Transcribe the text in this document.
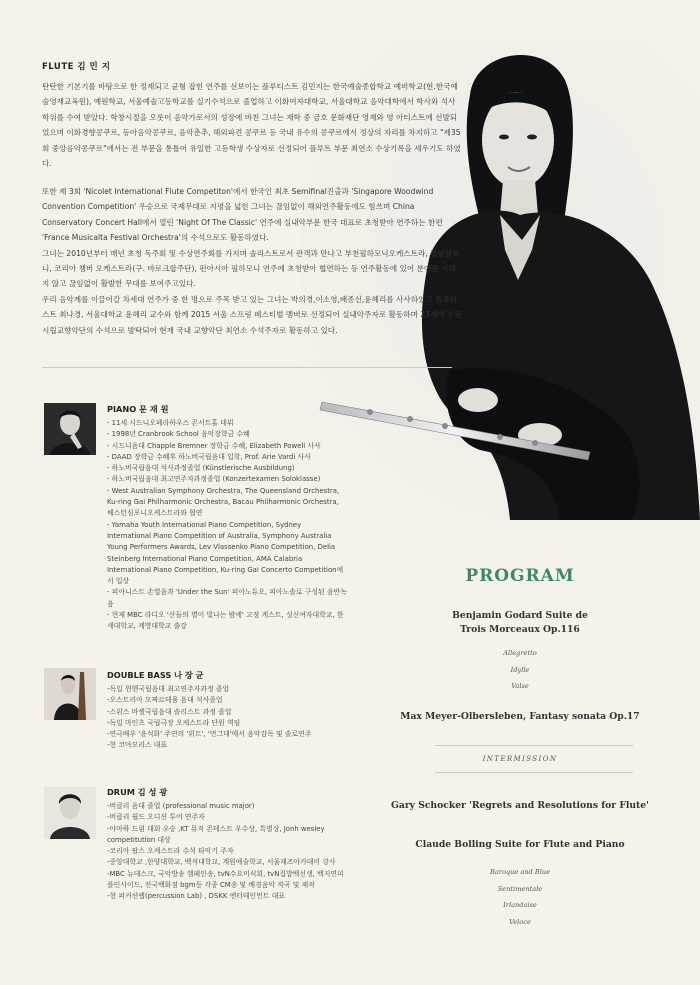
FLUTE 김 민 지

탄탄한 기본기를 바탕으로 한 정제되고 균형 잡힌 연주를 선보이는 플루티스트 김민지는 한국예술종합학교 예비학교(현.한국예술영재교육원), 예원학교, 서울예술고등학교를 실기수석으로 졸업하고 이화여자대학교, 서울대학교 음악대학에서 학사와 석사학위를 수여 받았다. 학창시절을 오롯이 음악가로서의 성장에 바친 그녀는 재학 중 금호 문화재단 영재와 영 아티스트에 선발되었으며 이화경향콩쿠르, 동아음악콩쿠르, 음악춘추, 해외파견 콩쿠르 등 국내 유수의 콩쿠르에서 정상의 자리를 차지하고 "제35회 중앙음악콩쿠르"에서는 전 부문을 통틀어 유일한 고등학생 수상자로 선정되어 플루트 부문 최연소 수상기록을 세우기도 하였다.

또한 제 3회 'Nicolet International Flute Competiton'에서 한국인 최초 Semifinal진출과 'Singapore Woodwind Convention Competition' 우승으로 국제무대로 지평을 넓힌 그녀는 끊임없이 해외연주활동에도 힘쓰며 China Conservatory Concert Hall에서 열린 'Night Of The Classic' 연주에 실내악부문 한국 대표로 초청받아 연주하는 한편 'France Musicalta Festival Orchestra'의 수석으로도 활동하였다.

그녀는 2010년부터 매년 초청 독주회 및 수상연주회를 가지며 솔리스트로서 관객과 만나고 부천필하모닉오케스트라, 강남심포니, 코리아 챔버 오케스트라(구. 바로크합주단), 펀아시아 필하모니 연주에 초청받아 협연하는 등 연주활동에 있어 분야를 가리지 않고 끊임없이 활발한 무대를 보여주고있다.

우리 음악계를 이끌어갈 차세대 연주가 중 한 명으로 주목 받고 있는 그녀는 박의경,이소영,배종선,윤혜리를 사사하였고 플루티스트 최나경, 서울대학교 윤혜리 교수와 함께 2015 서울 스프링 페스티벌 멤버로 선정되어 실내악주자로 활동하며 23세에 수원시립교향악단의 수석으로 발탁되어 현재 국내 교향악단 최연소 수석주자로 활동하고 있다.

PIANO 문 재 원
- 11세 시드니오페라하우스 콘서트홀 데뷔
- 1998년 Cranbrook School 음악장학금 수혜
- 시드니음대 Chapple Bremner 장학금 수혜, Elizabeth Powell 사사
- DAAD 장학금 수혜후 하노버국립음대 입학, Prof. Arie Vardi 사사
- 하노버국립음대 석사과정졸업 (Künstlerische Ausbildung)
- 하노버국립음대 최고연주자과정졸업 (Konzertexamen Soloklasse)
- West Australian Symphony Orchestra, The Queensland Orchestra, Ku-ring Gai Philharmonic Orchestra, Bacau Philharmonic Orchestra, 헤스턴심포니오케스트라와 협연
- Yamaha Youth International Piano Competition, Sydney International Piano Competition of Australia, Symphony Australia Young Performers Awards, Lev Vlassenko Piano Competition, Delia Steinberg International Piano Competition, AMA Calabria International Piano Competition, Ku-ring Gai Concerto Competition에서 입상
- 피아니스트 손열음과 'Under the Sun' 피아노듀오, 피아노솔로 구성된 음반녹음
- 현재 MBC 라디오 '산들의 별이 빛나는 밤에' 고정 게스트, 성신여자대학교, 한세대학교, 계명대학교 출강
DOUBLE BASS 나 장 균
-독일 뮌헨국립음대 최고연주자과정 졸업
-오스트리아 모짜르테움 음대 석사졸업
-스위스 바젤국립음대 솔리스트 과정 졸업
-독일 마인츠 국립극장 오케스트라 단원 역임
-연극배우 '윤석화' 주연의 '위트', '먼그대'에서 음악감독 및 솔로연주
-현 코아모리스 대표
DRUM 김 성 광
-버클리 음대 졸업 (professional music major)
-버클리 월드 오디션 투어 연주자
-야마하 드럼 대회 우승 ,KT 뮤직 콘테스트 우수상, 특별상, Jonh wesley competitution 대상
-코리아 팝스 오케스트라 수석 타악기 주자
-중앙대학교 ,한양대학교, 백석대학교, 계원예술학교, 서울재즈아카데미 강사
-MBC 뉴데스크, 국악방송 캠페인송, tvN수요미식회, tvN집밥백선생, 백지연피플인사이드, 전국백화점 bgm등 각종 CM송 및 배경음악 작곡 및 제작
-현 퍼커션랩(percussion Lab) , DSKK 엔터테인먼트 대표
PROGRAM
Benjamin Godard Suite de
Trois Morceaux Op.116
Allegretto
Idylle
Valse
Max Meyer-Olbersleben, Fantasy sonata Op.17
INTERMISSION
Gary Schocker 'Regrets and Resolutions for Flute'
Claude Bolling Suite for Flute and Piano
Baroque and Blue
Sentimentale
Irlandaise
Veloce
